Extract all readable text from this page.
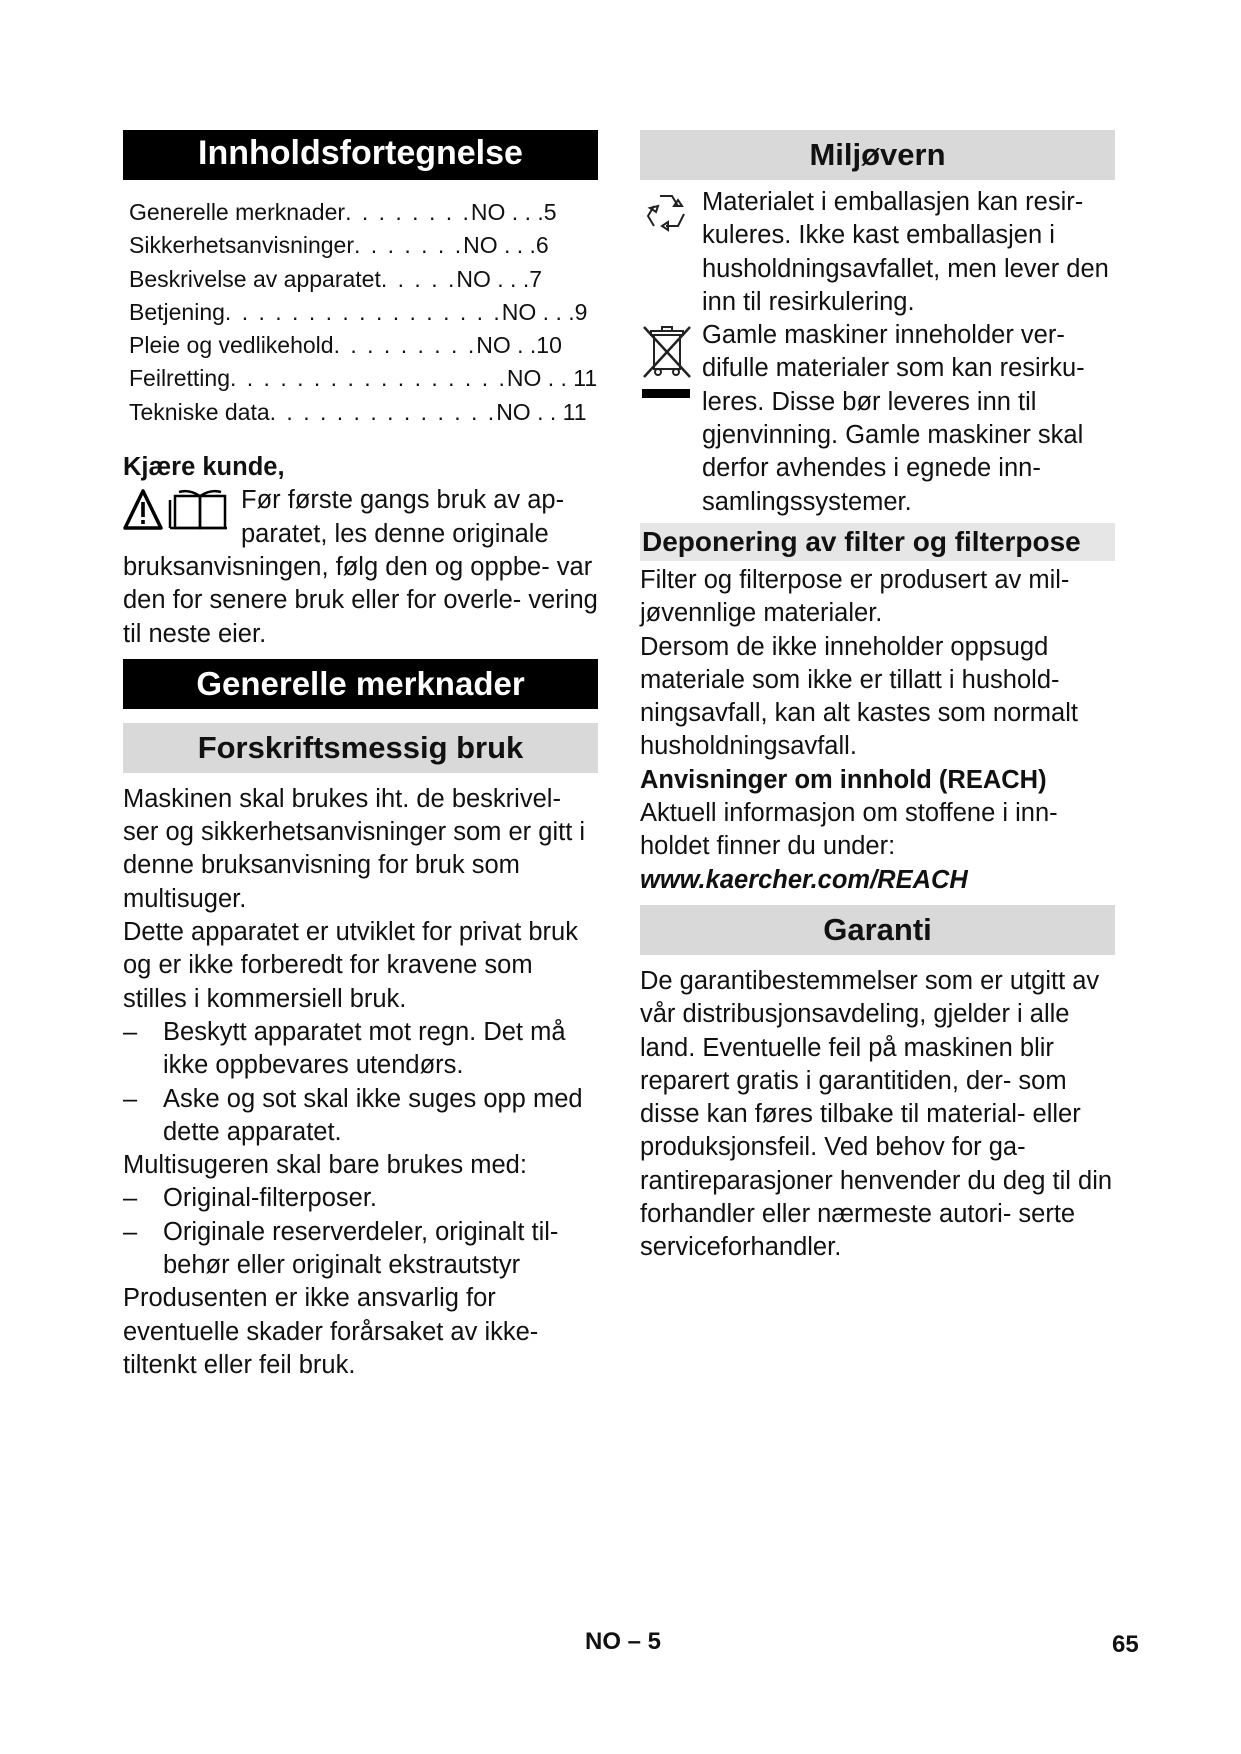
Innholdsfortegnelse
Generelle merknader . . . . . . . . NO . . .5
Sikkerhetsanvisninger . . . . . . . NO . . .6
Beskrivelse av apparatet . . . . . NO . . .7
Betjening . . . . . . . . . . . . . . . . . NO . . .9
Pleie og vedlikehold . . . . . . . . . NO . .10
Feilretting . . . . . . . . . . . . . . . . . NO . . 11
Tekniske data . . . . . . . . . . . . . . NO . . 11
Kjære kunde,
Før første gangs bruk av ap-
paratet, les denne originale
bruksanvisningen, følg den og oppbe- var den for senere bruk eller for overle- vering til neste eier.
Generelle merknader
Forskriftsmessig bruk
Maskinen skal brukes iht. de beskrivel- ser og sikkerhetsanvisninger som er gitt i denne bruksanvisning for bruk som multisuger.
Dette apparatet er utviklet for privat bruk og er ikke forberedt for kravene som stilles i kommersiell bruk.
– Beskytt apparatet mot regn. Det må ikke oppbevares utendørs.
– Aske og sot skal ikke suges opp med dette apparatet.
Multisugeren skal bare brukes med:
– Original-filterposer.
– Originale reserverdeler, originalt til- behør eller originalt ekstrautstyr
Produsenten er ikke ansvarlig for eventuelle skader forårsaket av ikke- tiltenkt eller feil bruk.
Miljøvern
Materialet i emballasjen kan resir- kuleres. Ikke kast emballasjen i husholdningsavfallet, men lever den inn til resirkulering.
Gamle maskiner inneholder ver- difulle materialer som kan resirku- leres. Disse bør leveres inn til gjenvinning. Gamle maskiner skal derfor avhendes i egnede inn- samlingssystemer.
Deponering av filter og filterpose
Filter og filterpose er produsert av mil- jøvennlige materialer.
Dersom de ikke inneholder oppsugd materiale som ikke er tillatt i hushold- ningsavfall, kan alt kastes som normalt husholdningsavfall.
Anvisninger om innhold (REACH)
Aktuell informasjon om stoffene i inn- holdet finner du under:
www.kaercher.com/REACH
Garanti
De garantibestemmelser som er utgitt av vår distribusjonsavdeling, gjelder i alle land. Eventuelle feil på maskinen blir reparert gratis i garantitiden, der- som disse kan føres tilbake til material- eller produksjonsfeil. Ved behov for ga- rantireparasjoner henvender du deg til din forhandler eller nærmeste autori- serte serviceforhandler.
NO – 5	65
